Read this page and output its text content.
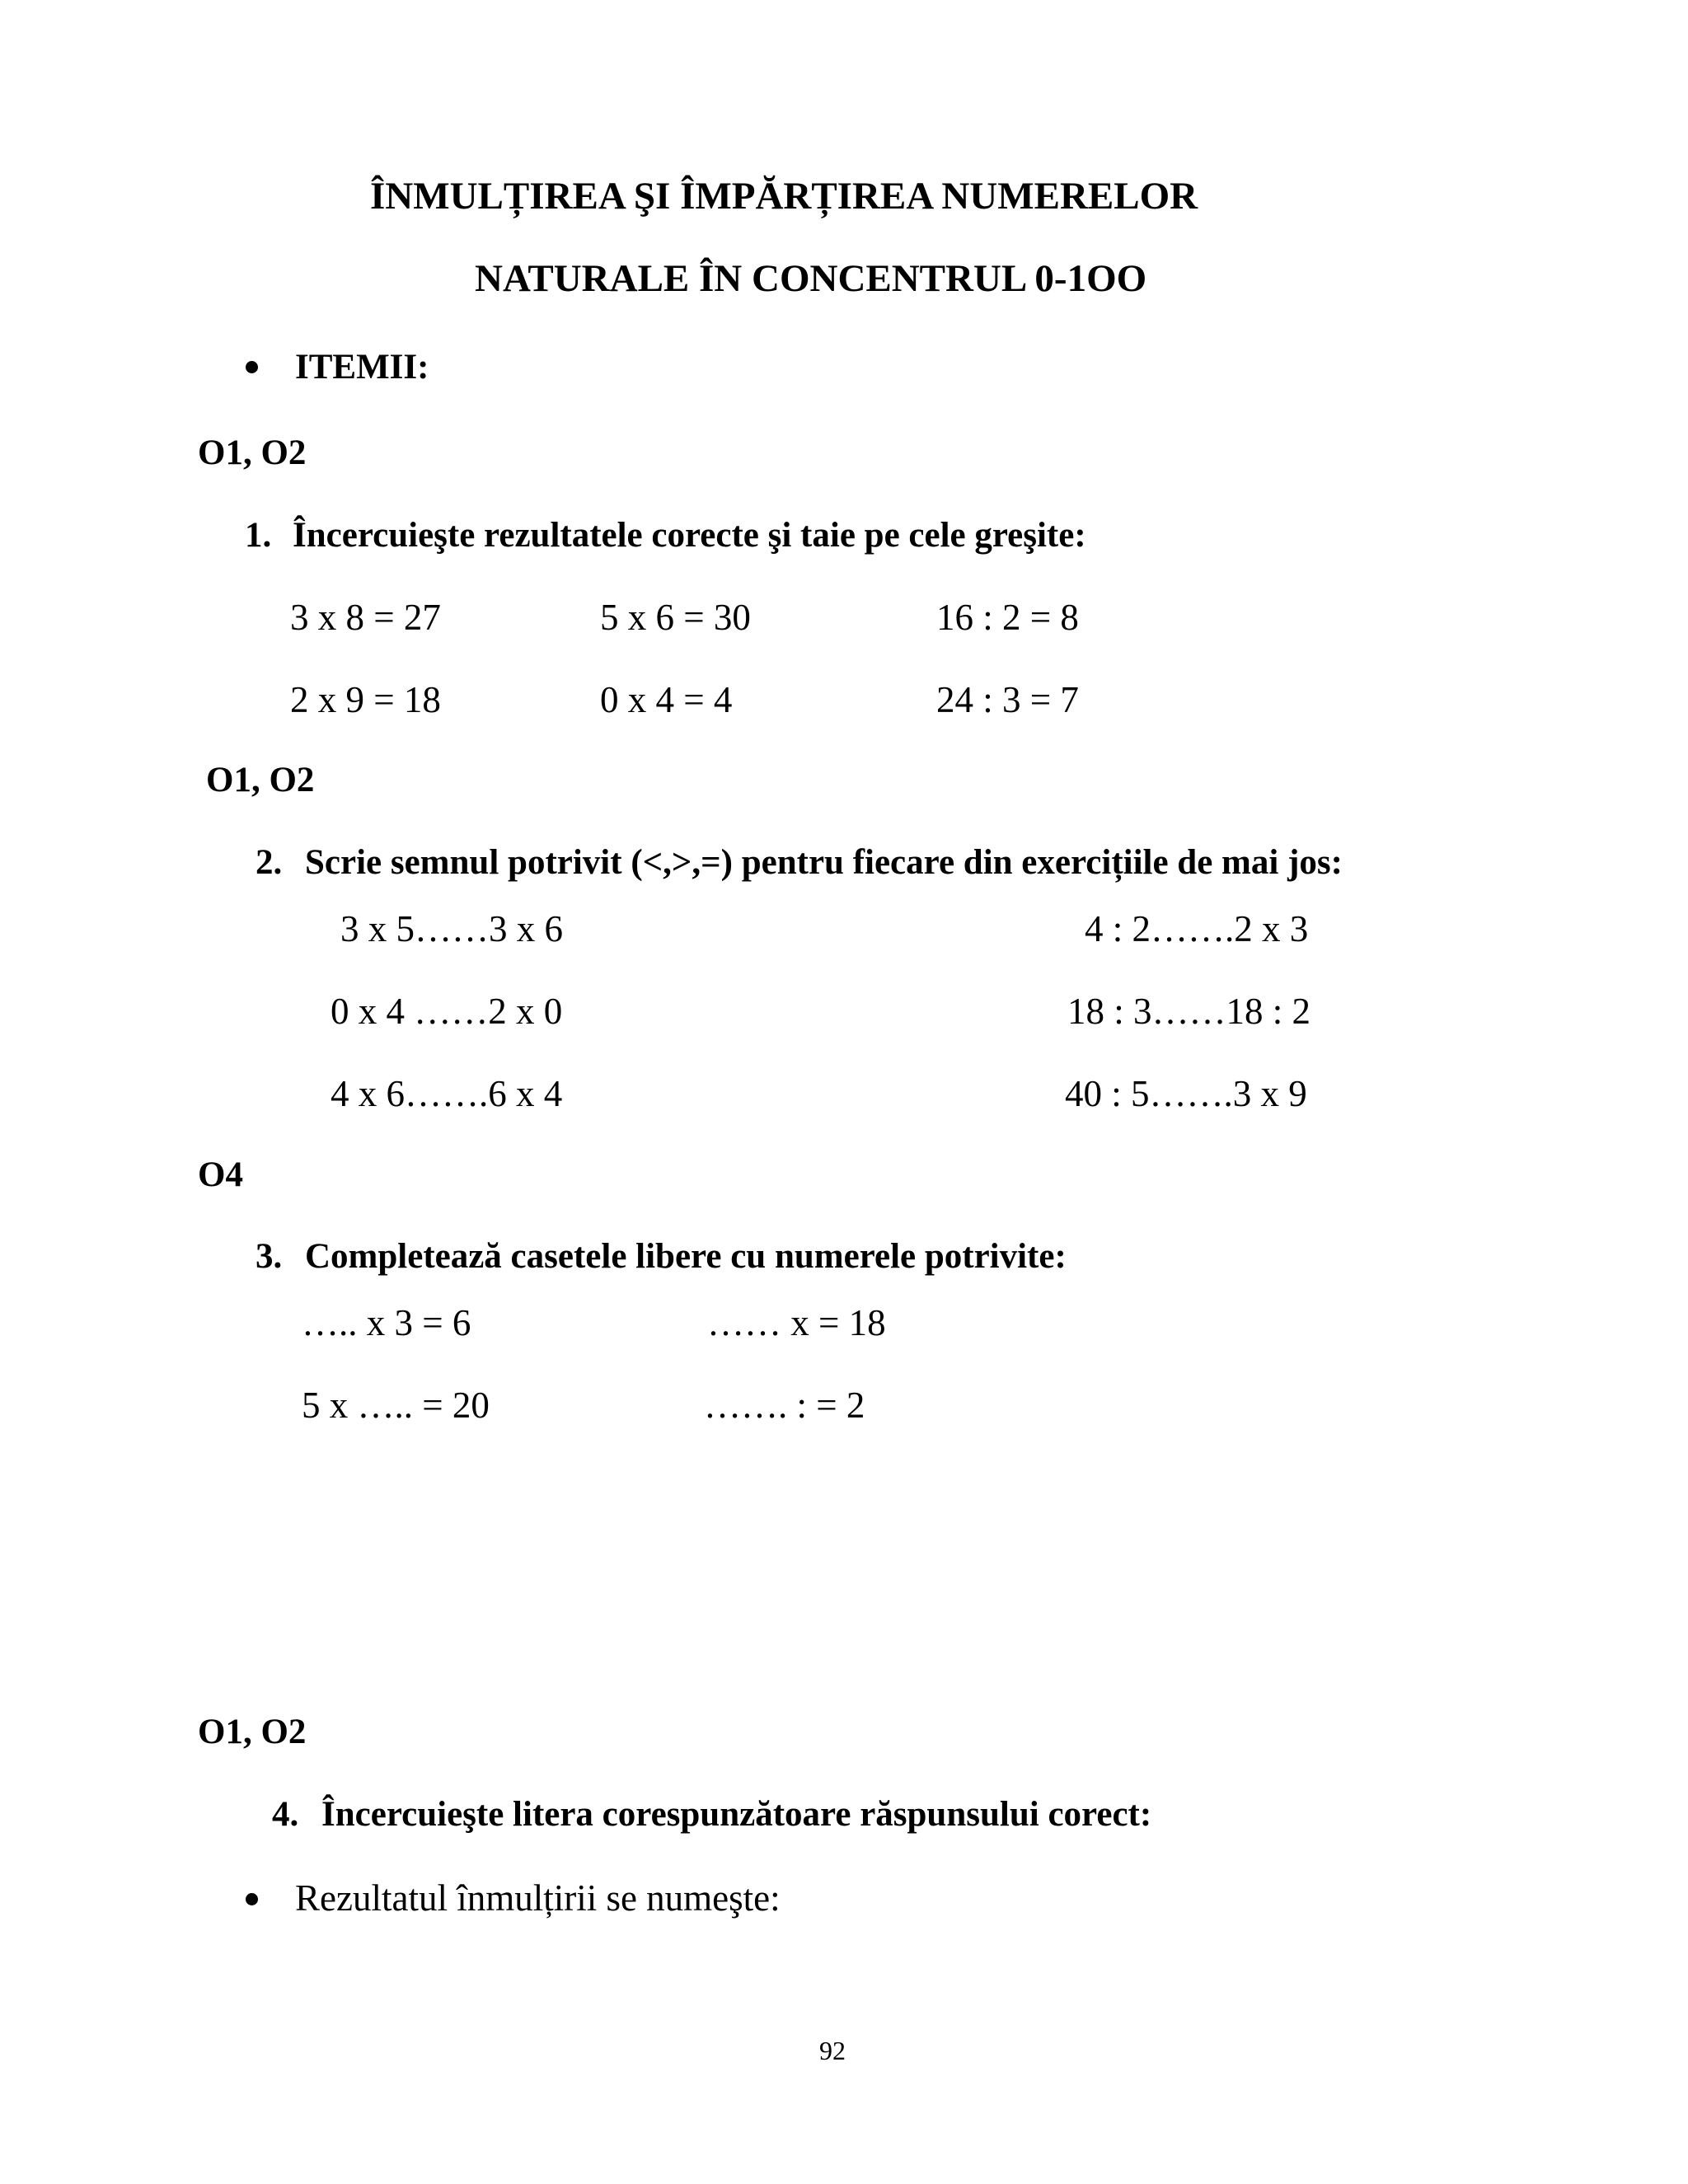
ÎNMULȚIREA ŞI ÎMPĂRȚIREA NUMERELOR
NATURALE ÎN CONCENTRUL 0-1OO
ITEMII:
O1, O2
1. Încercuieşte rezultatele corecte şi taie pe cele greşite:
3 x 8 = 27	5 x 6 = 30	16 : 2 = 8
2 x 9 = 18	0 x 4 = 4	24 : 3 = 7
O1, O2
2. Scrie semnul potrivit (<,>,=) pentru fiecare din exercițiile de mai jos:
3 x 5……3 x 6	4 : 2…….2 x 3
0 x 4 ……2 x 0	18 : 3……18 : 2
4 x 6…….6 x 4	40 : 5…….3 x 9
O4
3. Completează casetele libere cu numerele potrivite:
….. x 3 = 6	…… x = 18
5 x ….. = 20	……. : = 2
O1, O2
4. Încercuieşte litera corespunzătoare răspunsului corect:
Rezultatul înmulțirii se numeşte:
92
